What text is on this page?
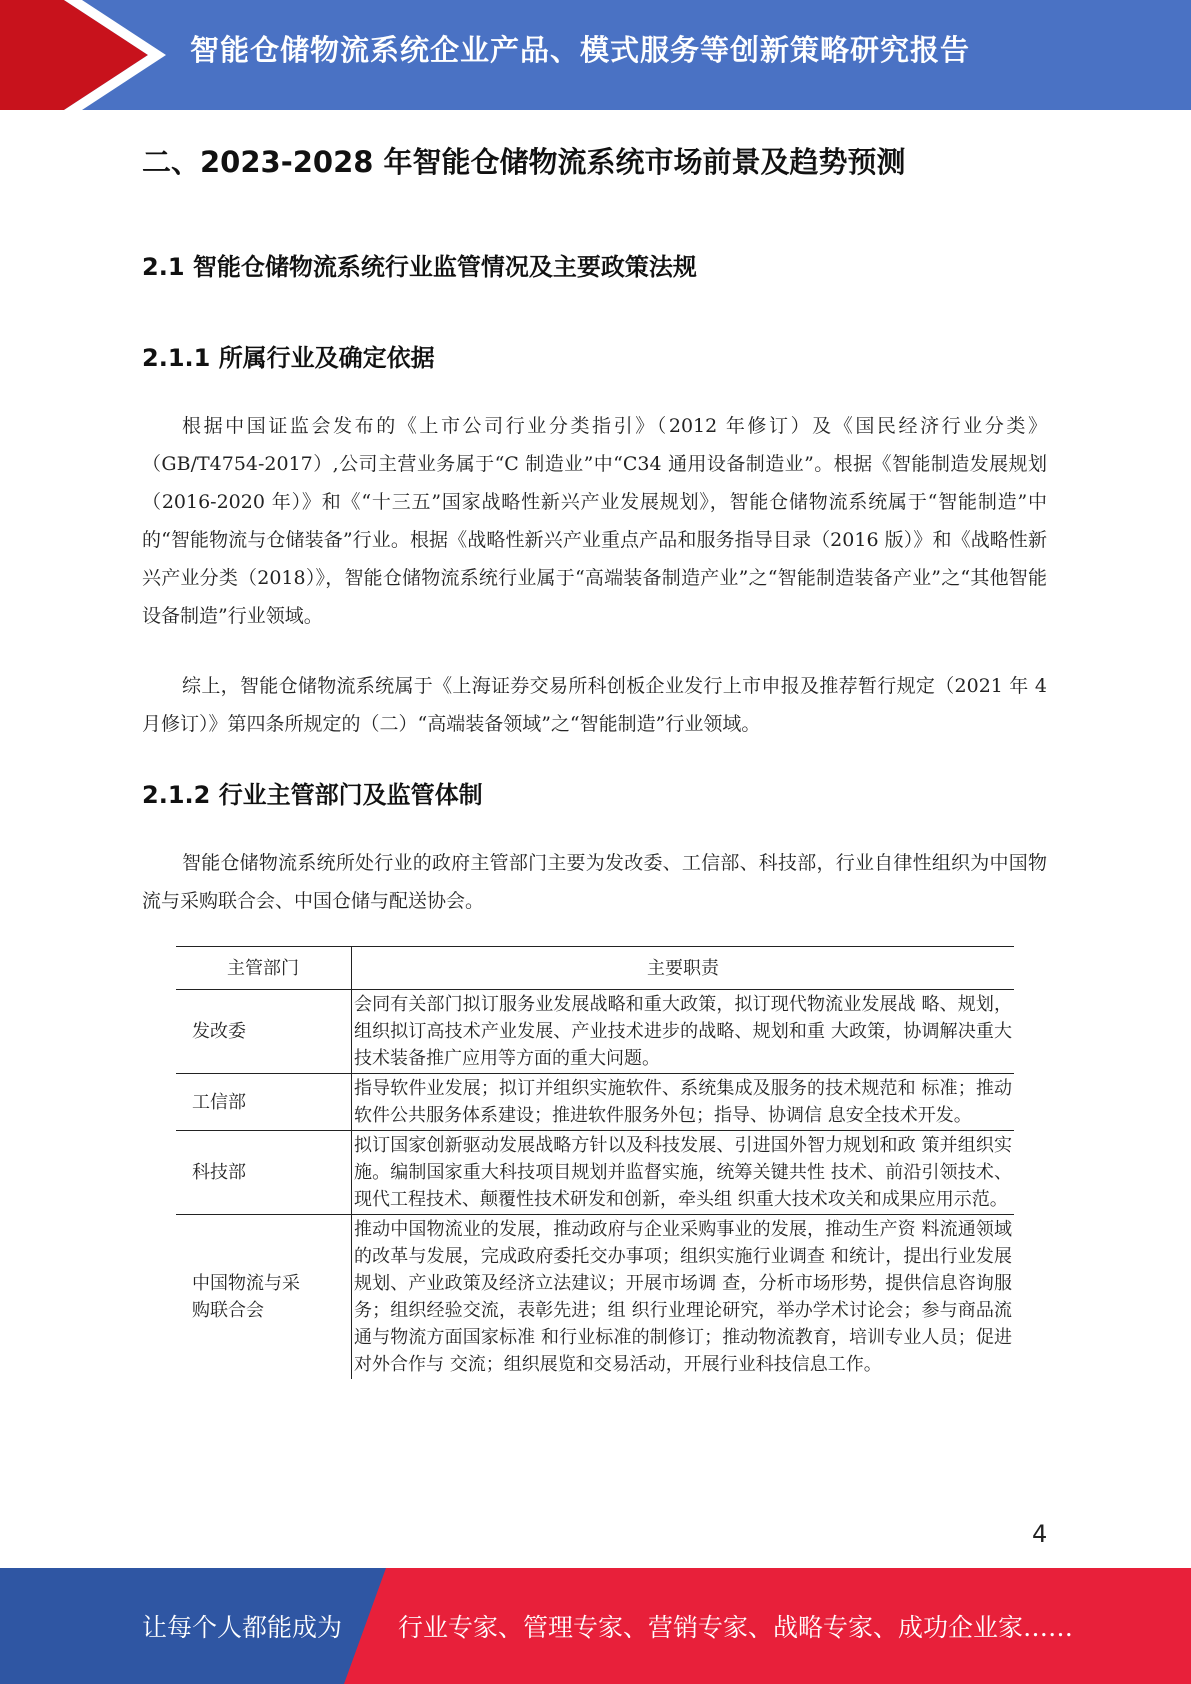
智能仓储物流系统企业产品、模式服务等创新策略研究报告
二、2023-2028 年智能仓储物流系统市场前景及趋势预测
2.1 智能仓储物流系统行业监管情况及主要政策法规
2.1.1 所属行业及确定依据

根据中国证监会发布的《上市公司行业分类指引》（2012 年修订）及《国民经济行业分类》（GB/T4754-2017）,公司主营业务属于“C 制造业”中“C34 通用设备制造业”。根据《智能制造发展规划（2016-2020 年）》和《“十三五”国家战略性新兴产业发展规划》，智能仓储物流系统属于“智能制造”中的“智能物流与仓储装备”行业。根据《战略性新兴产业重点产品和服务指导目录（2016 版）》和《战略性新兴产业分类（2018）》，智能仓储物流系统行业属于“高端装备制造产业”之“智能制造装备产业”之“其他智能设备制造”行业领域。

综上，智能仓储物流系统属于《上海证券交易所科创板企业发行上市申报及推荐暂行规定（2021 年 4 月修订）》第四条所规定的（二）“高端装备领域”之“智能制造”行业领域。

2.1.2 行业主管部门及监管体制

智能仓储物流系统所处行业的政府主管部门主要为发改委、工信部、科技部，行业自律性组织为中国物流与采购联合会、中国仓储与配送协会。

主管部门	主要职责
发改委	会同有关部门拟订服务业发展战略和重大政策，拟订现代物流业发展战 略、规划，组织拟订高技术产业发展、产业技术进步的战略、规划和重 大政策，协调解决重大技术装备推广应用等方面的重大问题。
工信部	指导软件业发展；拟订并组织实施软件、系统集成及服务的技术规范和 标准；推动软件公共服务体系建设；推进软件服务外包；指导、协调信 息安全技术开发。
科技部	拟订国家创新驱动发展战略方针以及科技发展、引进国外智力规划和政 策并组织实施。编制国家重大科技项目规划并监督实施，统筹关键共性 技术、前沿引领技术、现代工程技术、颠覆性技术研发和创新，牵头组 织重大技术攻关和成果应用示范。
中国物流与采购联合会	推动中国物流业的发展，推动政府与企业采购事业的发展，推动生产资 料流通领域的改革与发展，完成政府委托交办事项；组织实施行业调查 和统计，提出行业发展规划、产业政策及经济立法建议；开展市场调 查，分析市场形势，提供信息咨询服务；组织经验交流，表彰先进；组 织行业理论研究，举办学术讨论会；参与商品流通与物流方面国家标准 和行业标准的制修订；推动物流教育，培训专业人员；促进对外合作与 交流；组织展览和交易活动，开展行业科技信息工作。
4
让每个人都能成为 行业专家、管理专家、营销专家、战略专家、成功企业家……
